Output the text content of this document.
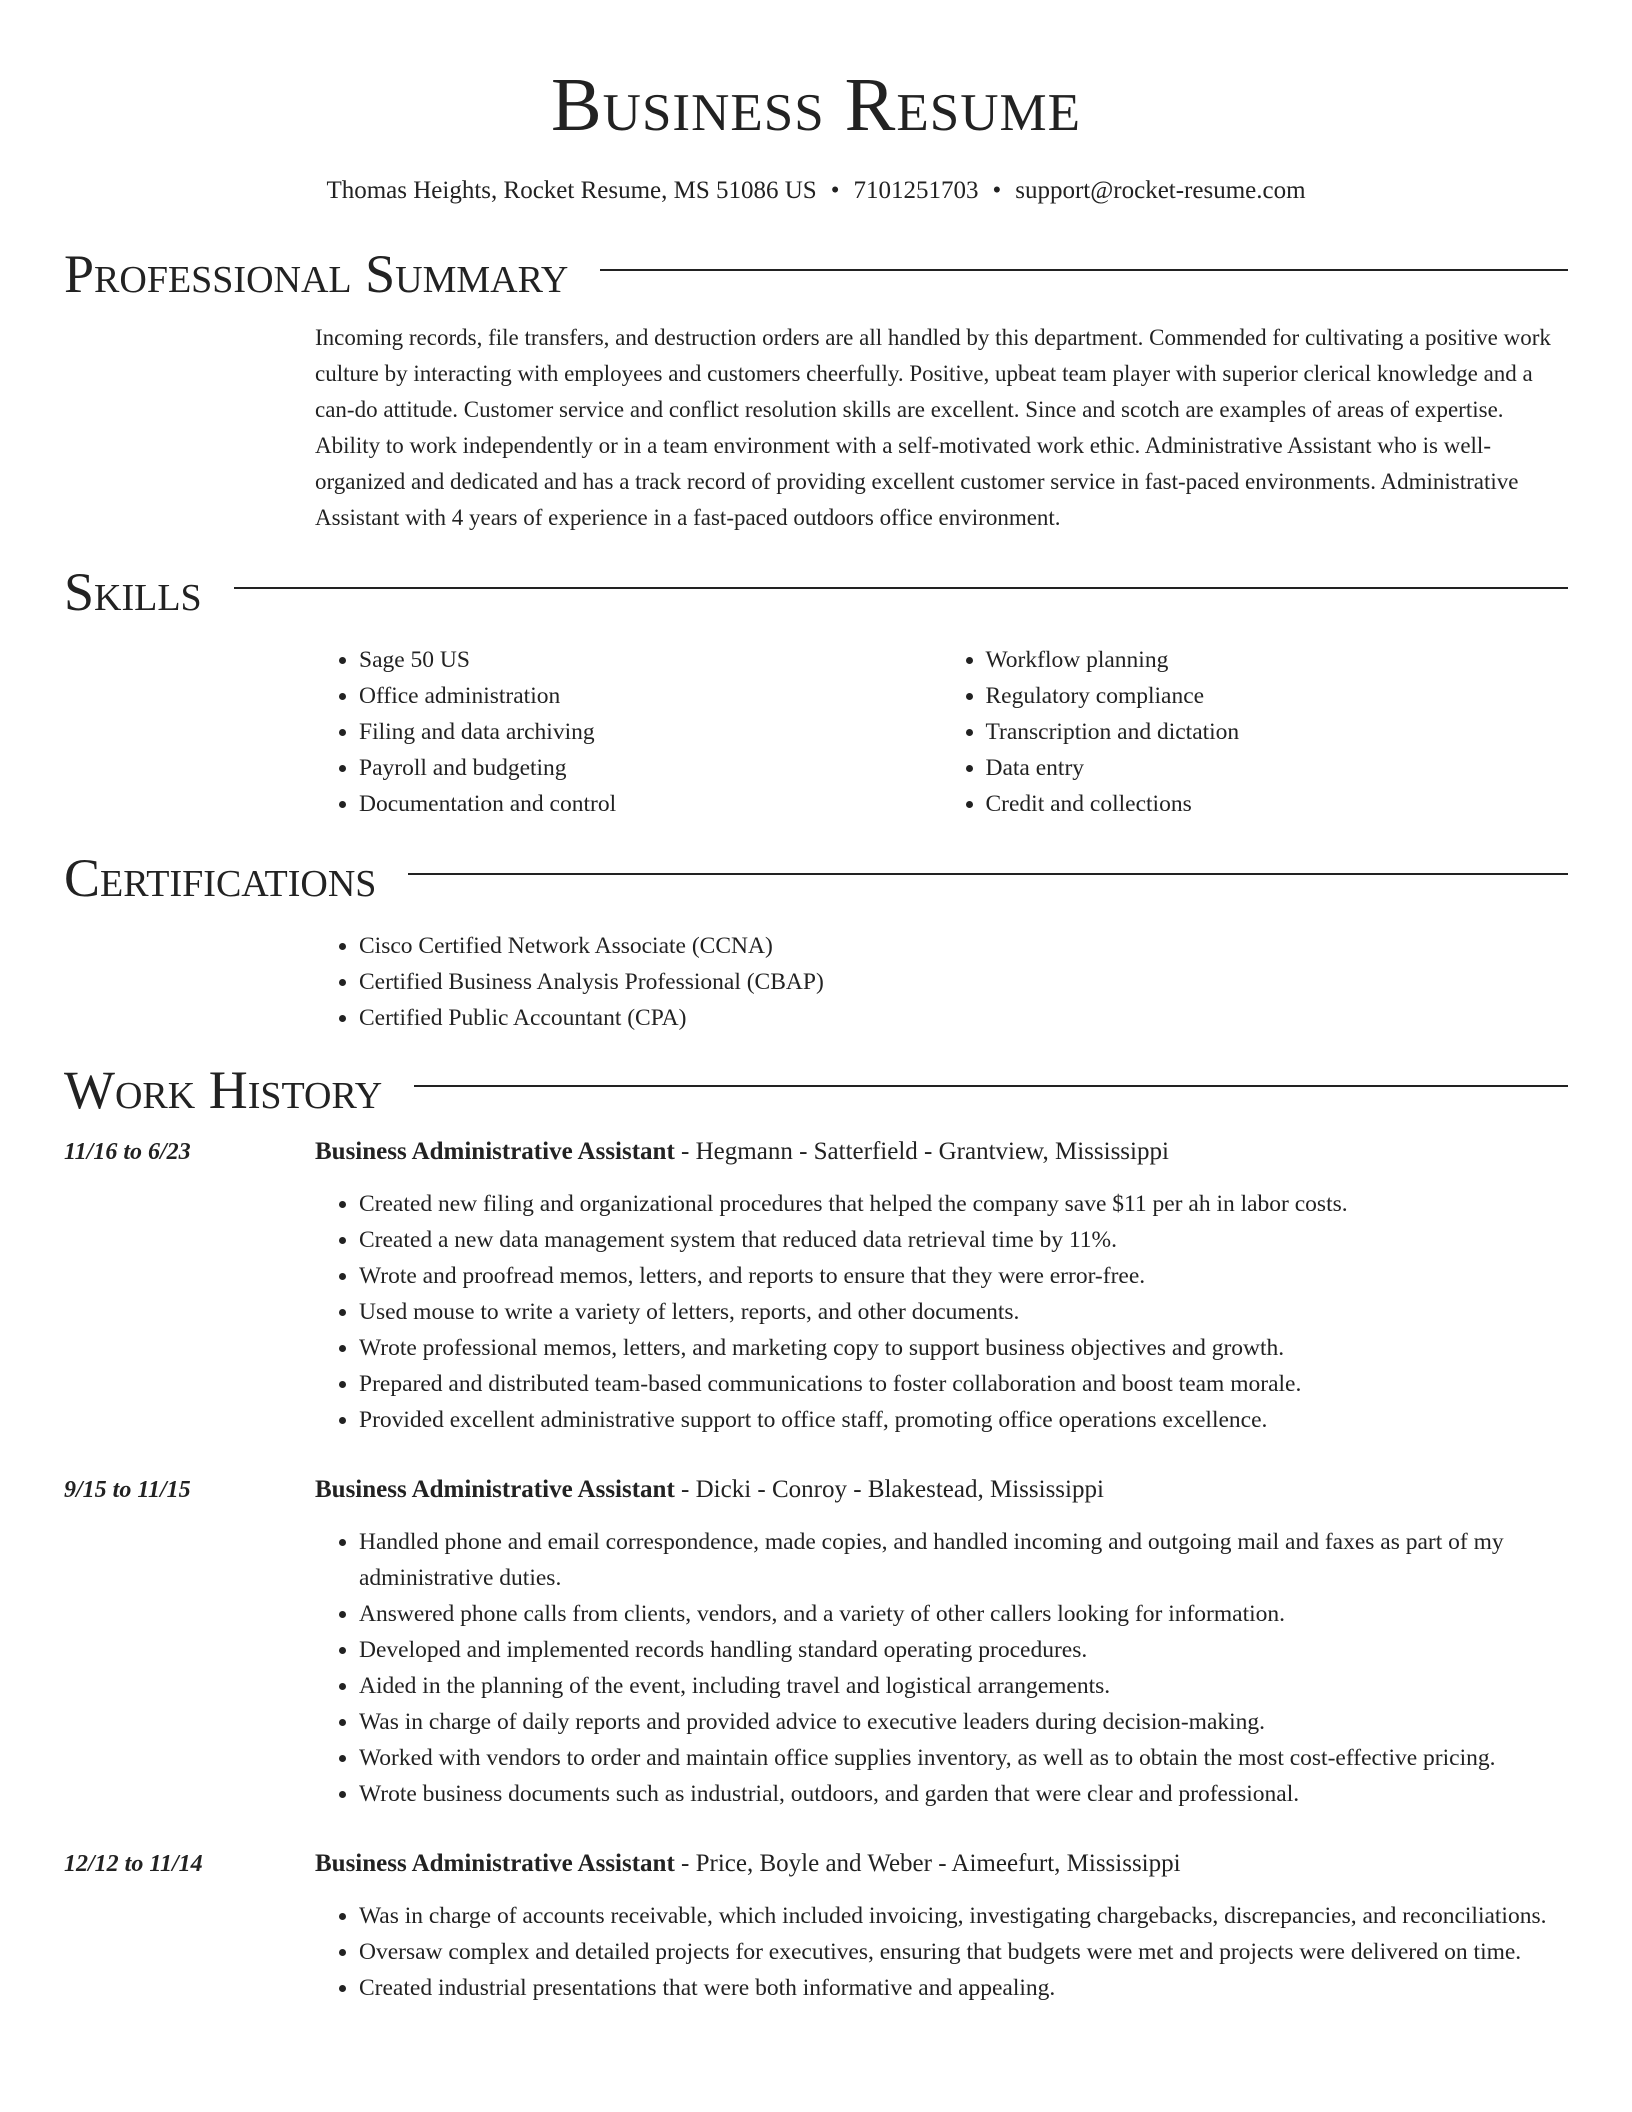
Business Resume
Thomas Heights, Rocket Resume, MS 51086 US • 7101251703 • support@rocket-resume.com
Professional Summary

Incoming records, file transfers, and destruction orders are all handled by this department. Commended for cultivating a positive work culture by interacting with employees and customers cheerfully. Positive, upbeat team player with superior clerical knowledge and a can-do attitude. Customer service and conflict resolution skills are excellent. Since and scotch are examples of areas of expertise. Ability to work independently or in a team environment with a self-motivated work ethic. Administrative Assistant who is well-organized and dedicated and has a track record of providing excellent customer service in fast-paced environments. Administrative Assistant with 4 years of experience in a fast-paced outdoors office environment.

Skills
• Sage 50 US
• Office administration
• Filing and data archiving
• Payroll and budgeting
• Documentation and control
• Workflow planning
• Regulatory compliance
• Transcription and dictation
• Data entry
• Credit and collections
Certifications
• Cisco Certified Network Associate (CCNA)
• Certified Business Analysis Professional (CBAP)
• Certified Public Accountant (CPA)
Work History
11/16 to 6/23	Business Administrative Assistant - Hegmann - Satterfield - Grantview, Mississippi
• Created new filing and organizational procedures that helped the company save $11 per ah in labor costs.
• Created a new data management system that reduced data retrieval time by 11%.
• Wrote and proofread memos, letters, and reports to ensure that they were error-free.
• Used mouse to write a variety of letters, reports, and other documents.
• Wrote professional memos, letters, and marketing copy to support business objectives and growth.
• Prepared and distributed team-based communications to foster collaboration and boost team morale.
• Provided excellent administrative support to office staff, promoting office operations excellence.
9/15 to 11/15	Business Administrative Assistant - Dicki - Conroy - Blakestead, Mississippi
• Handled phone and email correspondence, made copies, and handled incoming and outgoing mail and faxes as part of my administrative duties.
• Answered phone calls from clients, vendors, and a variety of other callers looking for information.
• Developed and implemented records handling standard operating procedures.
• Aided in the planning of the event, including travel and logistical arrangements.
• Was in charge of daily reports and provided advice to executive leaders during decision-making.
• Worked with vendors to order and maintain office supplies inventory, as well as to obtain the most cost-effective pricing.
• Wrote business documents such as industrial, outdoors, and garden that were clear and professional.
12/12 to 11/14	Business Administrative Assistant - Price, Boyle and Weber - Aimeefurt, Mississippi
• Was in charge of accounts receivable, which included invoicing, investigating chargebacks, discrepancies, and reconciliations.
• Oversaw complex and detailed projects for executives, ensuring that budgets were met and projects were delivered on time.
• Created industrial presentations that were both informative and appealing.
